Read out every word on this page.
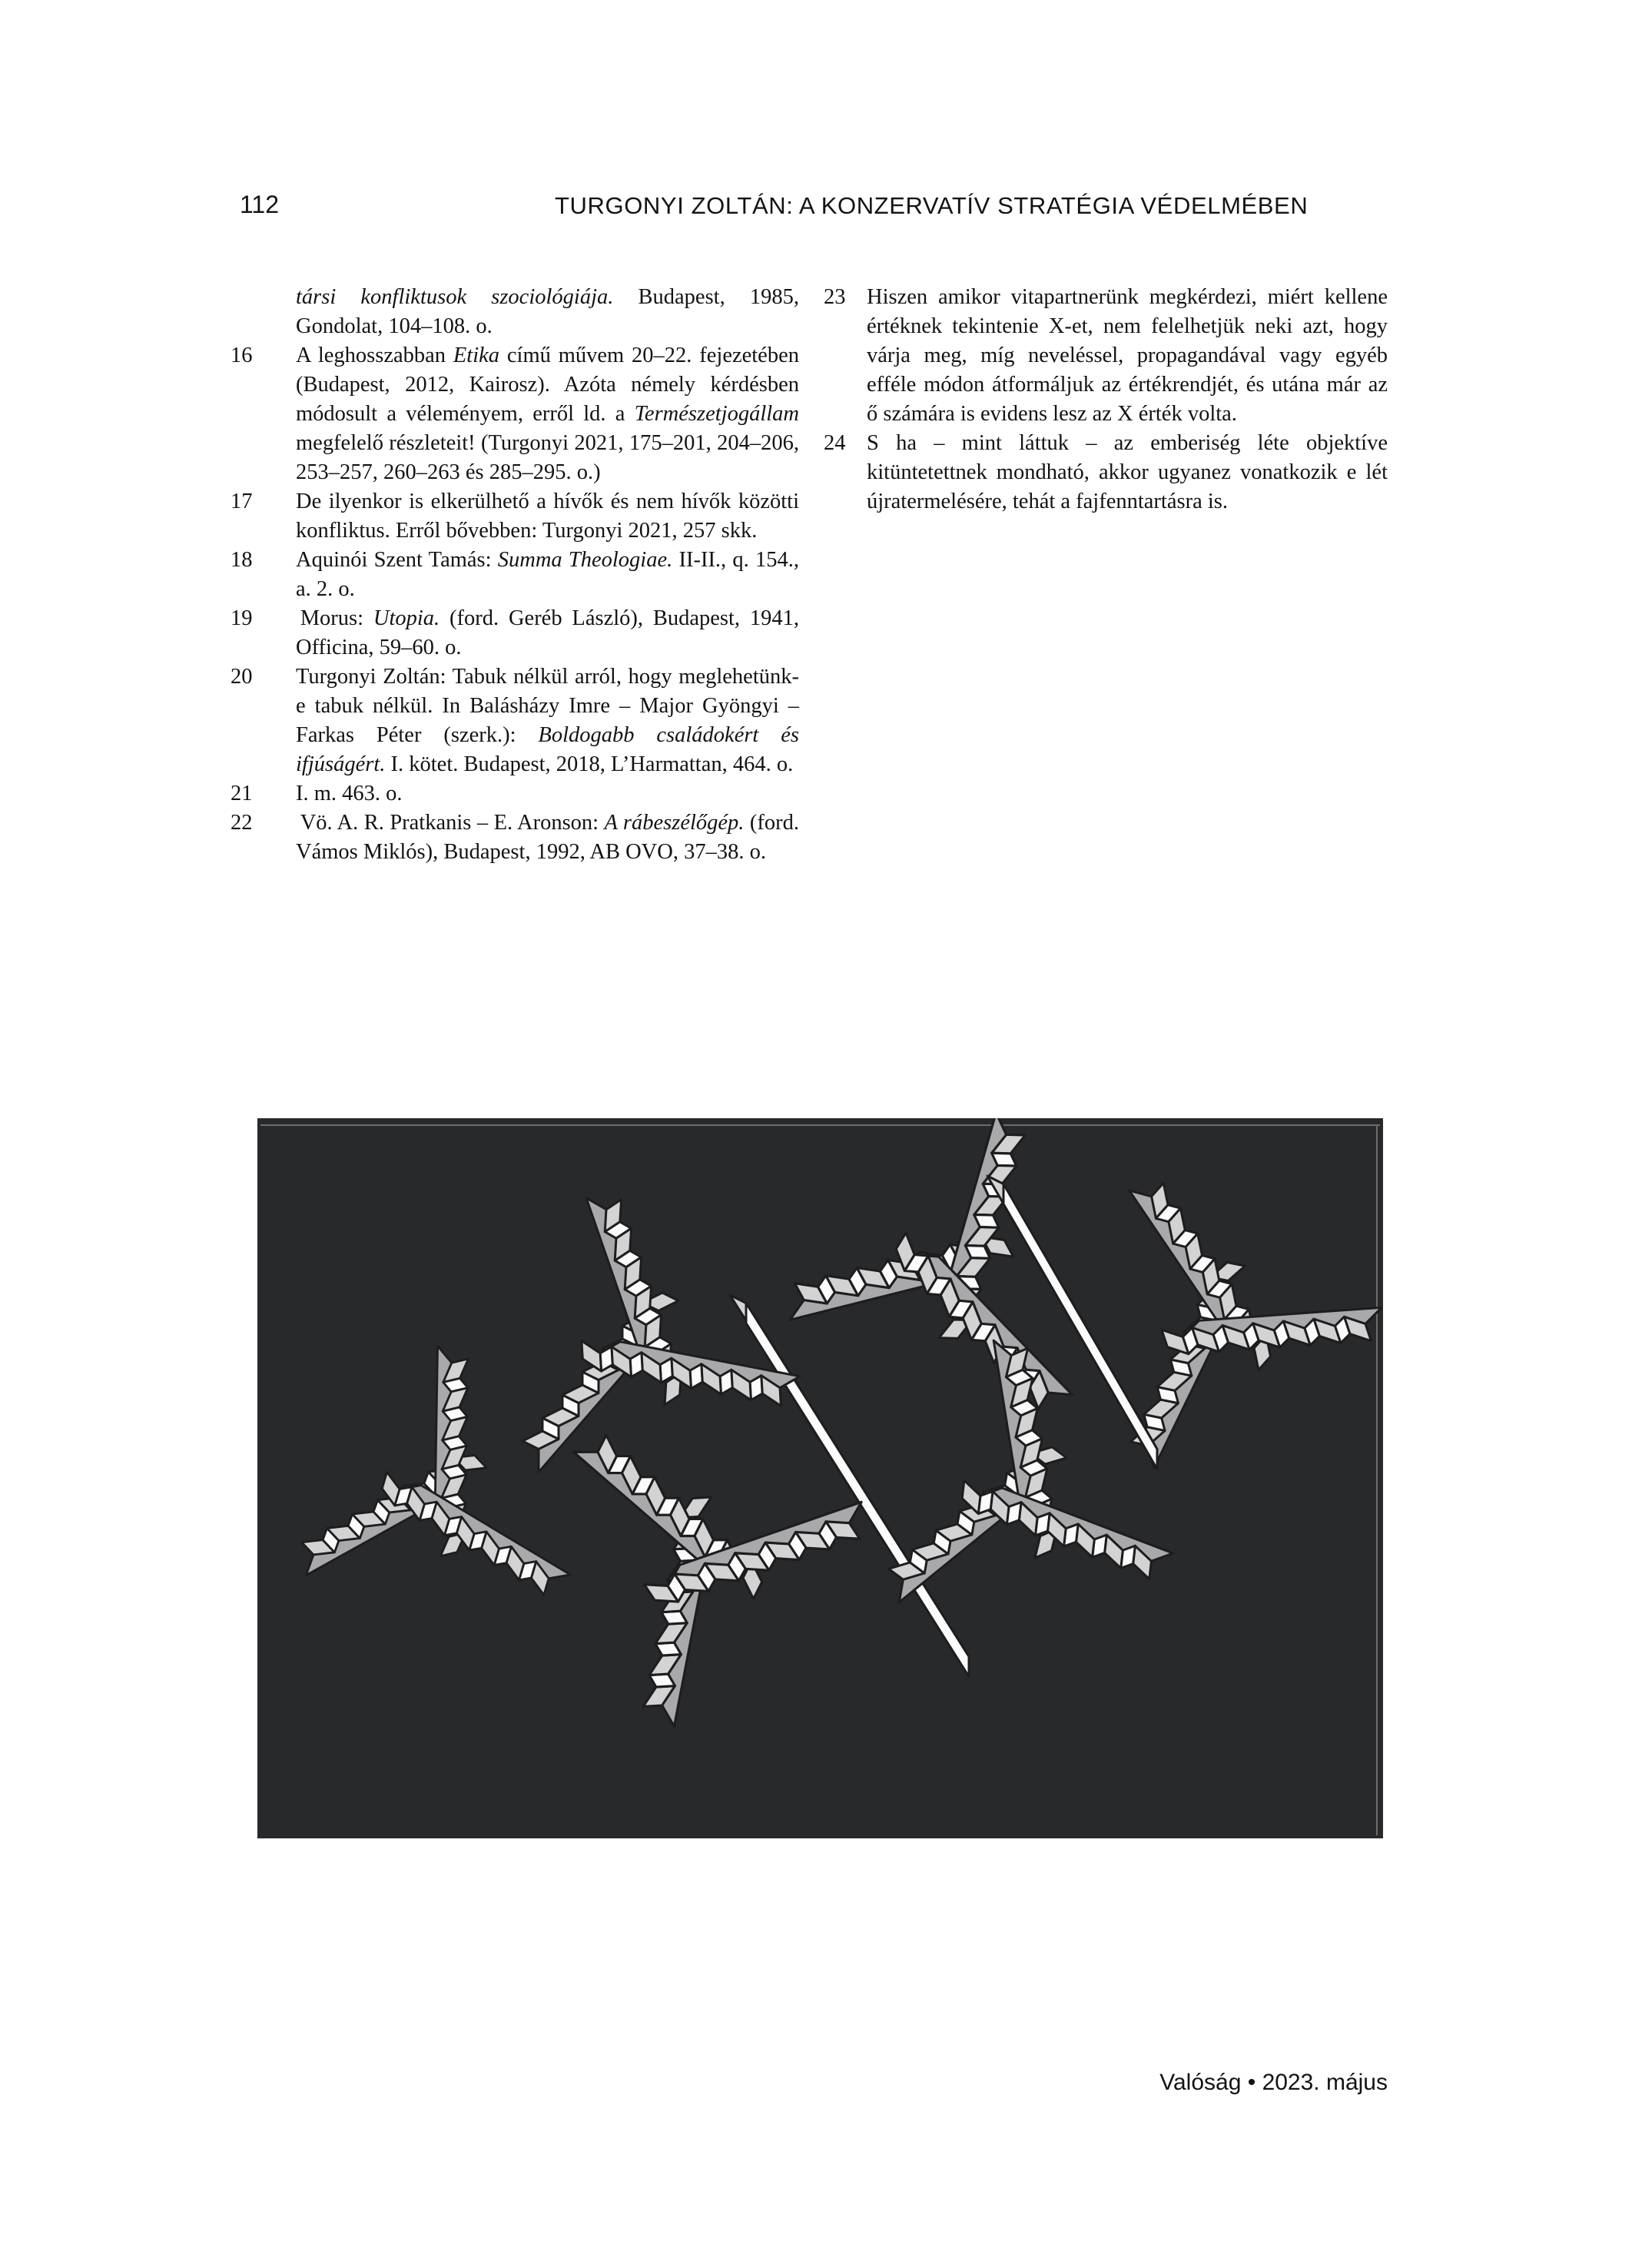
112	TURGONYI ZOLTÁN: A KONZERVATÍV STRATÉGIA VÉDELMÉBEN
társi konfliktusok szociológiája. Budapest, 1985, Gondolat, 104–108. o.
16	A leghosszabban Etika című művem 20–22. fejezetében (Budapest, 2012, Kairosz). Azóta némely kérdésben módosult a véleményem, erről ld. a Természetjogállam megfelelő részleteit! (Turgonyi 2021, 175–201, 204–206, 253–257, 260–263 és 285–295. o.)
17	De ilyenkor is elkerülhető a hívők és nem hívők közötti konfliktus. Erről bővebben: Turgonyi 2021, 257 skk.
18	Aquinói Szent Tamás: Summa Theologiae. II-II., q. 154., a. 2. o.
19	 Morus: Utopia. (ford. Geréb László), Budapest, 1941, Officina, 59–60. o.
20	Turgonyi Zoltán: Tabuk nélkül arról, hogy meglehetünk-e tabuk nélkül. In Balásházy Imre – Major Gyöngyi – Farkas Péter (szerk.): Boldogabb családokért és ifjúságért. I. kötet. Budapest, 2018, L’Harmattan, 464. o.
21	I. m. 463. o.
22	 Vö. A. R. Pratkanis – E. Aronson: A rábeszélőgép. (ford. Vámos Miklós), Budapest, 1992, AB OVO, 37–38. o.
23 Hiszen amikor vitapartnerünk megkérdezi, miért kellene értéknek tekintenie X-et, nem felelhetjük neki azt, hogy várja meg, míg neveléssel, propagandával vagy egyéb efféle módon átformáljuk az értékrendjét, és utána már az ő számára is evidens lesz az X érték volta.
24 S ha – mint láttuk – az emberiség léte objektíve kitüntetettnek mondható, akkor ugyanez vonatkozik e lét újratermelésére, tehát a fajfenntartásra is.
Valóság • 2023. május
